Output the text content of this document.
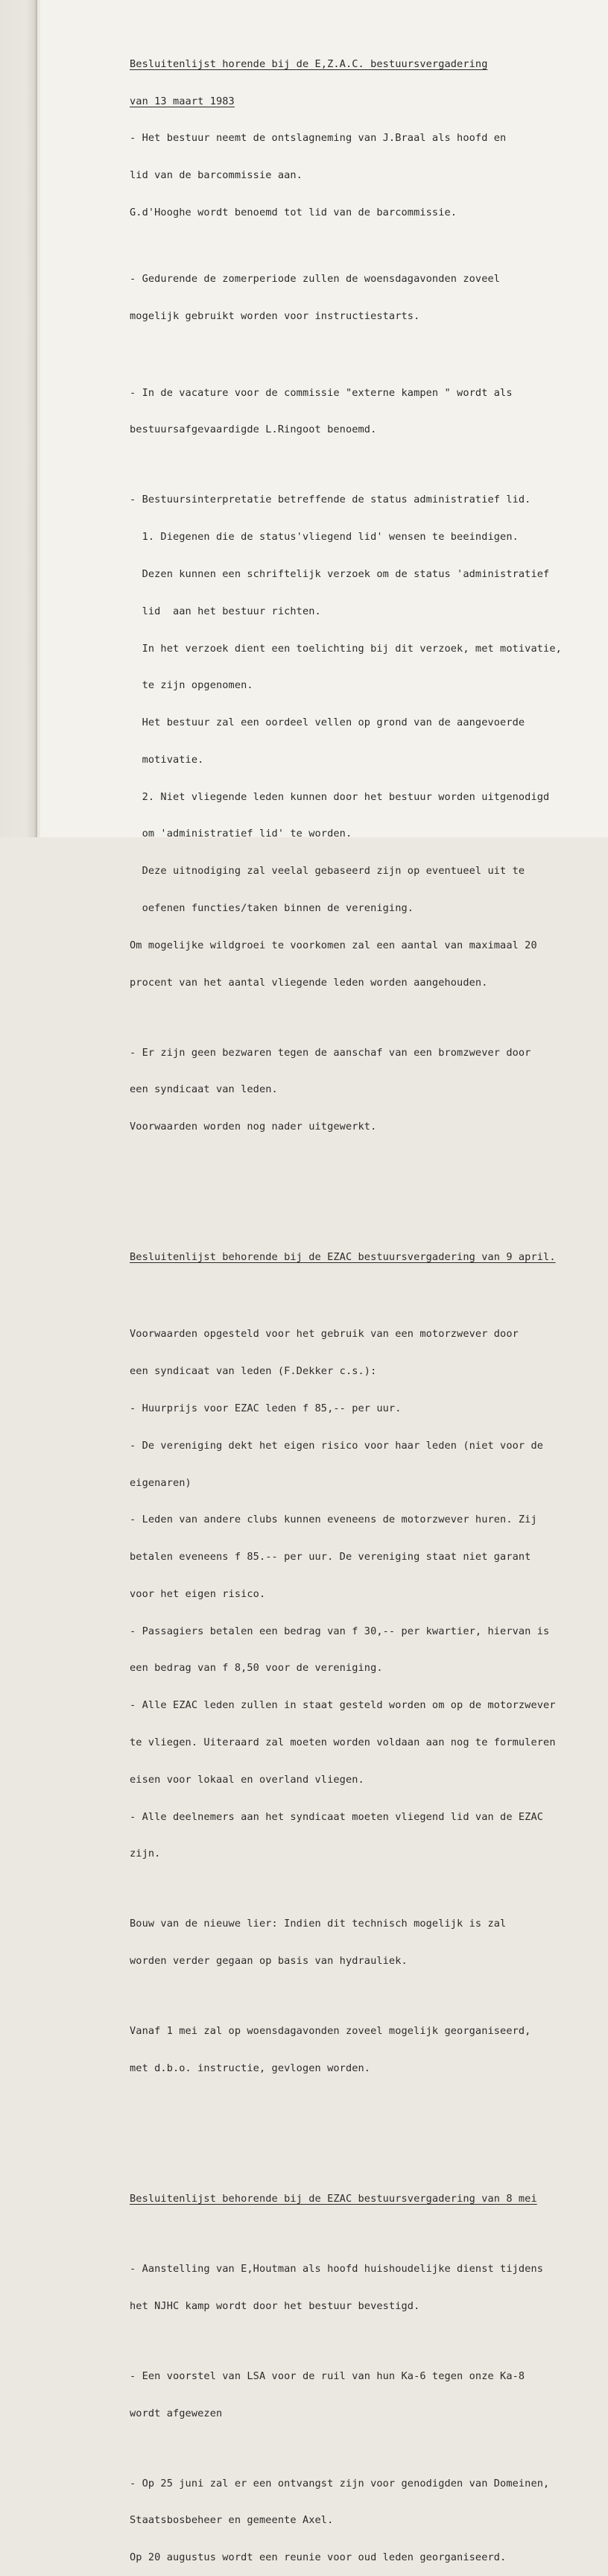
Besluitenlijst horende bij de E,Z.A.C. bestuursvergadering

van 13 maart 1983

- Het bestuur neemt de ontslagneming van J.Braal als hoofd en

lid van de barcommissie aan.

G.d'Hooghe wordt benoemd tot lid van de barcommissie.

- Gedurende de zomerperiode zullen de woensdagavonden zoveel

mogelijk gebruikt worden voor instructiestarts.

- In de vacature voor de commissie "externe kampen " wordt als

bestuursafgevaardigde L.Ringoot benoemd.

- Bestuursinterpretatie betreffende de status administratief lid.

1. Diegenen die de status'vliegend lid' wensen te beeindigen.

Dezen kunnen een schriftelijk verzoek om de status 'administratief

lid  aan het bestuur richten.

In het verzoek dient een toelichting bij dit verzoek, met motivatie,

te zijn opgenomen.

Het bestuur zal een oordeel vellen op grond van de aangevoerde

motivatie.

2. Niet vliegende leden kunnen door het bestuur worden uitgenodigd

om 'administratief lid' te worden.

Deze uitnodiging zal veelal gebaseerd zijn op eventueel uit te

oefenen functies/taken binnen de vereniging.

Om mogelijke wildgroei te voorkomen zal een aantal van maximaal 20

procent van het aantal vliegende leden worden aangehouden.

- Er zijn geen bezwaren tegen de aanschaf van een bromzwever door

een syndicaat van leden.

Voorwaarden worden nog nader uitgewerkt.

Besluitenlijst behorende bij de EZAC bestuursvergadering van 9 april.

Voorwaarden opgesteld voor het gebruik van een motorzwever door

een syndicaat van leden (F.Dekker c.s.):

- Huurprijs voor EZAC leden f 85,-- per uur.

- De vereniging dekt het eigen risico voor haar leden (niet voor de

eigenaren)

- Leden van andere clubs kunnen eveneens de motorzwever huren. Zij

betalen eveneens f 85.-- per uur. De vereniging staat niet garant

voor het eigen risico.

- Passagiers betalen een bedrag van f 30,-- per kwartier, hiervan is

een bedrag van f 8,50 voor de vereniging.

- Alle EZAC leden zullen in staat gesteld worden om op de motorzwever

te vliegen. Uiteraard zal moeten worden voldaan aan nog te formuleren

eisen voor lokaal en overland vliegen.

- Alle deelnemers aan het syndicaat moeten vliegend lid van de EZAC

zijn.

Bouw van de nieuwe lier: Indien dit technisch mogelijk is zal

worden verder gegaan op basis van hydrauliek.

Vanaf 1 mei zal op woensdagavonden zoveel mogelijk georganiseerd,

met d.b.o. instructie, gevlogen worden.

Besluitenlijst behorende bij de EZAC bestuursvergadering van 8 mei

- Aanstelling van E,Houtman als hoofd huishoudelijke dienst tijdens

het NJHC kamp wordt door het bestuur bevestigd.

- Een voorstel van LSA voor de ruil van hun Ka-6 tegen onze Ka-8

wordt afgewezen

- Op 25 juni zal er een ontvangst zijn voor genodigden van Domeinen,

Staatsbosbeheer en gemeente Axel.

Op 20 augustus wordt een reunie voor oud leden georganiseerd.
